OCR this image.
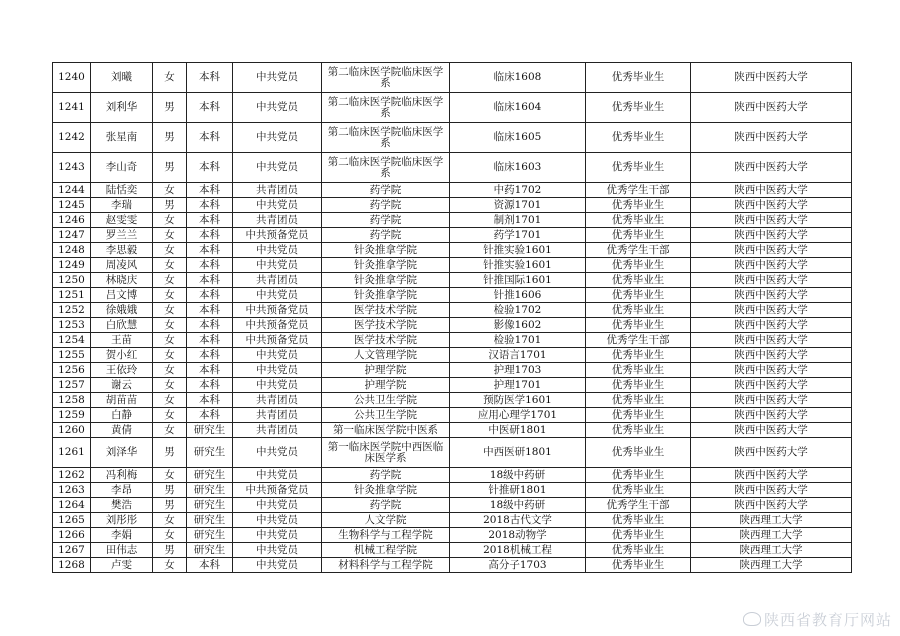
1240	刘曦	女	本科	中共党员	第二临床医学院临床医学系	临床1608	优秀毕业生	陕西中医药大学
1241	刘利华	男	本科	中共党员	第二临床医学院临床医学系	临床1604	优秀毕业生	陕西中医药大学
1242	张星南	男	本科	中共党员	第二临床医学院临床医学系	临床1605	优秀毕业生	陕西中医药大学
1243	李山奇	男	本科	中共党员	第二临床医学院临床医学系	临床1603	优秀毕业生	陕西中医药大学
1244	陆恬奕	女	本科	共青团员	药学院	中药1702	优秀学生干部	陕西中医药大学
1245	李瑞	男	本科	中共党员	药学院	资源1701	优秀毕业生	陕西中医药大学
1246	赵雯雯	女	本科	共青团员	药学院	制剂1701	优秀毕业生	陕西中医药大学
1247	罗兰兰	女	本科	中共预备党员	药学院	药学1701	优秀毕业生	陕西中医药大学
1248	李思毅	女	本科	中共党员	针灸推拿学院	针推实验1601	优秀学生干部	陕西中医药大学
1249	周凌风	女	本科	中共党员	针灸推拿学院	针推实验1601	优秀毕业生	陕西中医药大学
1250	林晓庆	女	本科	共青团员	针灸推拿学院	针推国际1601	优秀毕业生	陕西中医药大学
1251	吕文博	女	本科	中共党员	针灸推拿学院	针推1606	优秀毕业生	陕西中医药大学
1252	徐娥娥	女	本科	中共预备党员	医学技术学院	检验1702	优秀毕业生	陕西中医药大学
1253	白欣慧	女	本科	中共预备党员	医学技术学院	影像1602	优秀毕业生	陕西中医药大学
1254	王苗	女	本科	中共预备党员	医学技术学院	检验1701	优秀学生干部	陕西中医药大学
1255	贺小红	女	本科	中共党员	人文管理学院	汉语言1701	优秀毕业生	陕西中医药大学
1256	王依玲	女	本科	中共党员	护理学院	护理1703	优秀毕业生	陕西中医药大学
1257	谢云	女	本科	中共党员	护理学院	护理1701	优秀毕业生	陕西中医药大学
1258	胡苗苗	女	本科	共青团员	公共卫生学院	预防医学1601	优秀毕业生	陕西中医药大学
1259	白静	女	本科	共青团员	公共卫生学院	应用心理学1701	优秀毕业生	陕西中医药大学
1260	黄倩	女	研究生	共青团员	第一临床医学院中医系	中医研1801	优秀毕业生	陕西中医药大学
1261	刘泽华	男	研究生	中共党员	第一临床医学院中西医临床医学系	中西医研1801	优秀毕业生	陕西中医药大学
1262	冯利梅	女	研究生	中共党员	药学院	18级中药研	优秀毕业生	陕西中医药大学
1263	李昂	男	研究生	中共预备党员	针灸推拿学院	针推研1801	优秀毕业生	陕西中医药大学
1264	樊浩	男	研究生	中共党员	药学院	18级中药研	优秀学生干部	陕西中医药大学
1265	刘彤彤	女	研究生	中共党员	人文学院	2018古代文学	优秀毕业生	陕西理工大学
1266	李娟	女	研究生	中共党员	生物科学与工程学院	2018动物学	优秀毕业生	陕西理工大学
1267	田伟志	男	研究生	中共党员	机械工程学院	2018机械工程	优秀毕业生	陕西理工大学
1268	卢雯	女	本科	中共党员	材料科学与工程学院	高分子1703	优秀毕业生	陕西理工大学
陕西省教育厅网站
